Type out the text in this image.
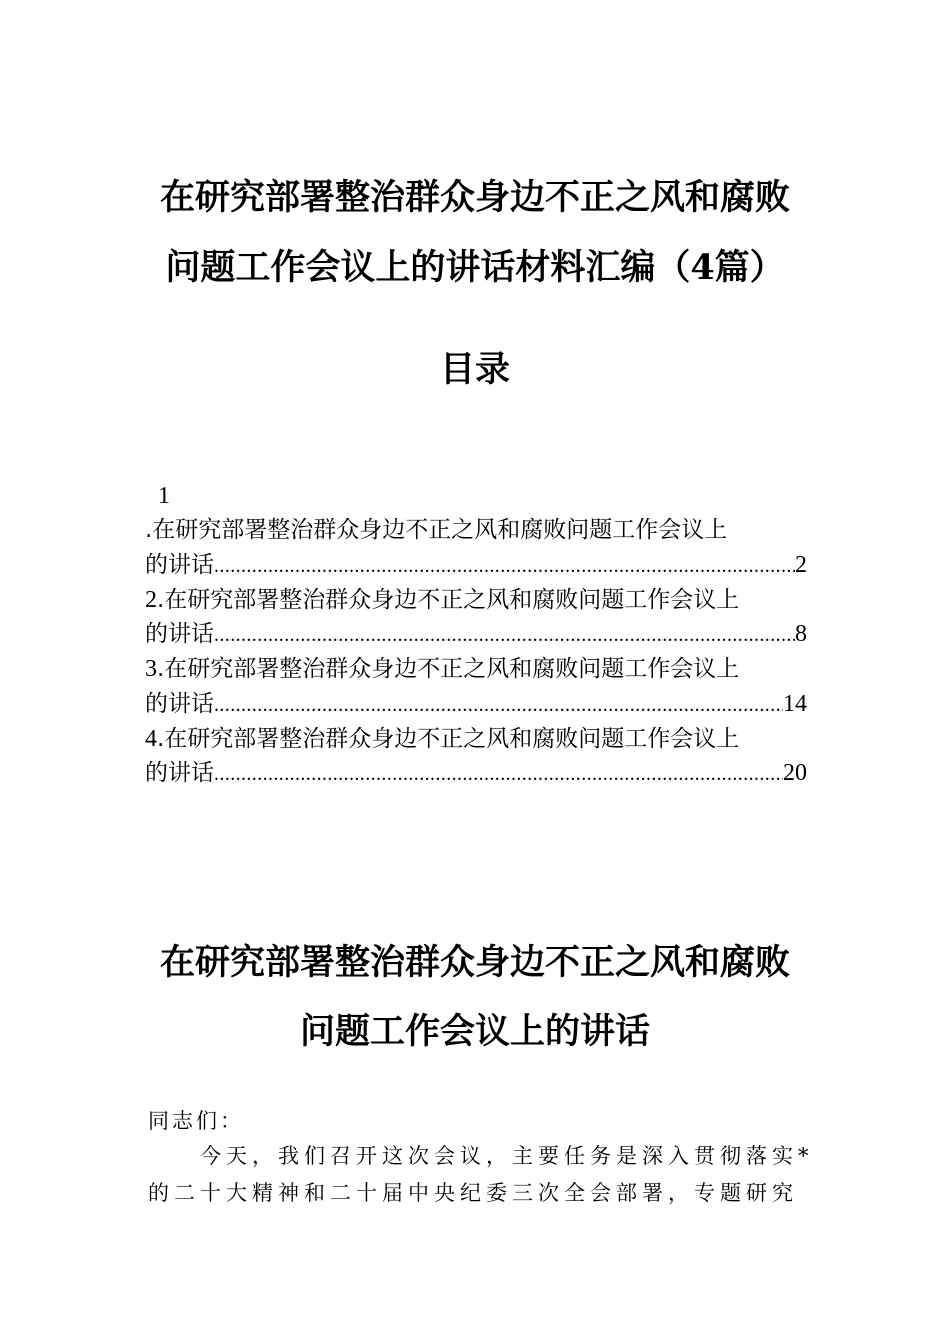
在研究部署整治群众身边不正之风和腐败
问题工作会议上的讲话材料汇编（4篇）
目录
1
.在研究部署整治群众身边不正之风和腐败问题工作会议上
的讲话 .....	2
2.在研究部署整治群众身边不正之风和腐败问题工作会议上
的讲话 .....	8
3.在研究部署整治群众身边不正之风和腐败问题工作会议上
的讲话 .....	14
4.在研究部署整治群众身边不正之风和腐败问题工作会议上
的讲话 .....	20
在研究部署整治群众身边不正之风和腐败
问题工作会议上的讲话
同志们：
　　今天，我们召开这次会议，主要任务是深入贯彻落实*
的二十大精神和二十届中央纪委三次全会部署，专题研究
